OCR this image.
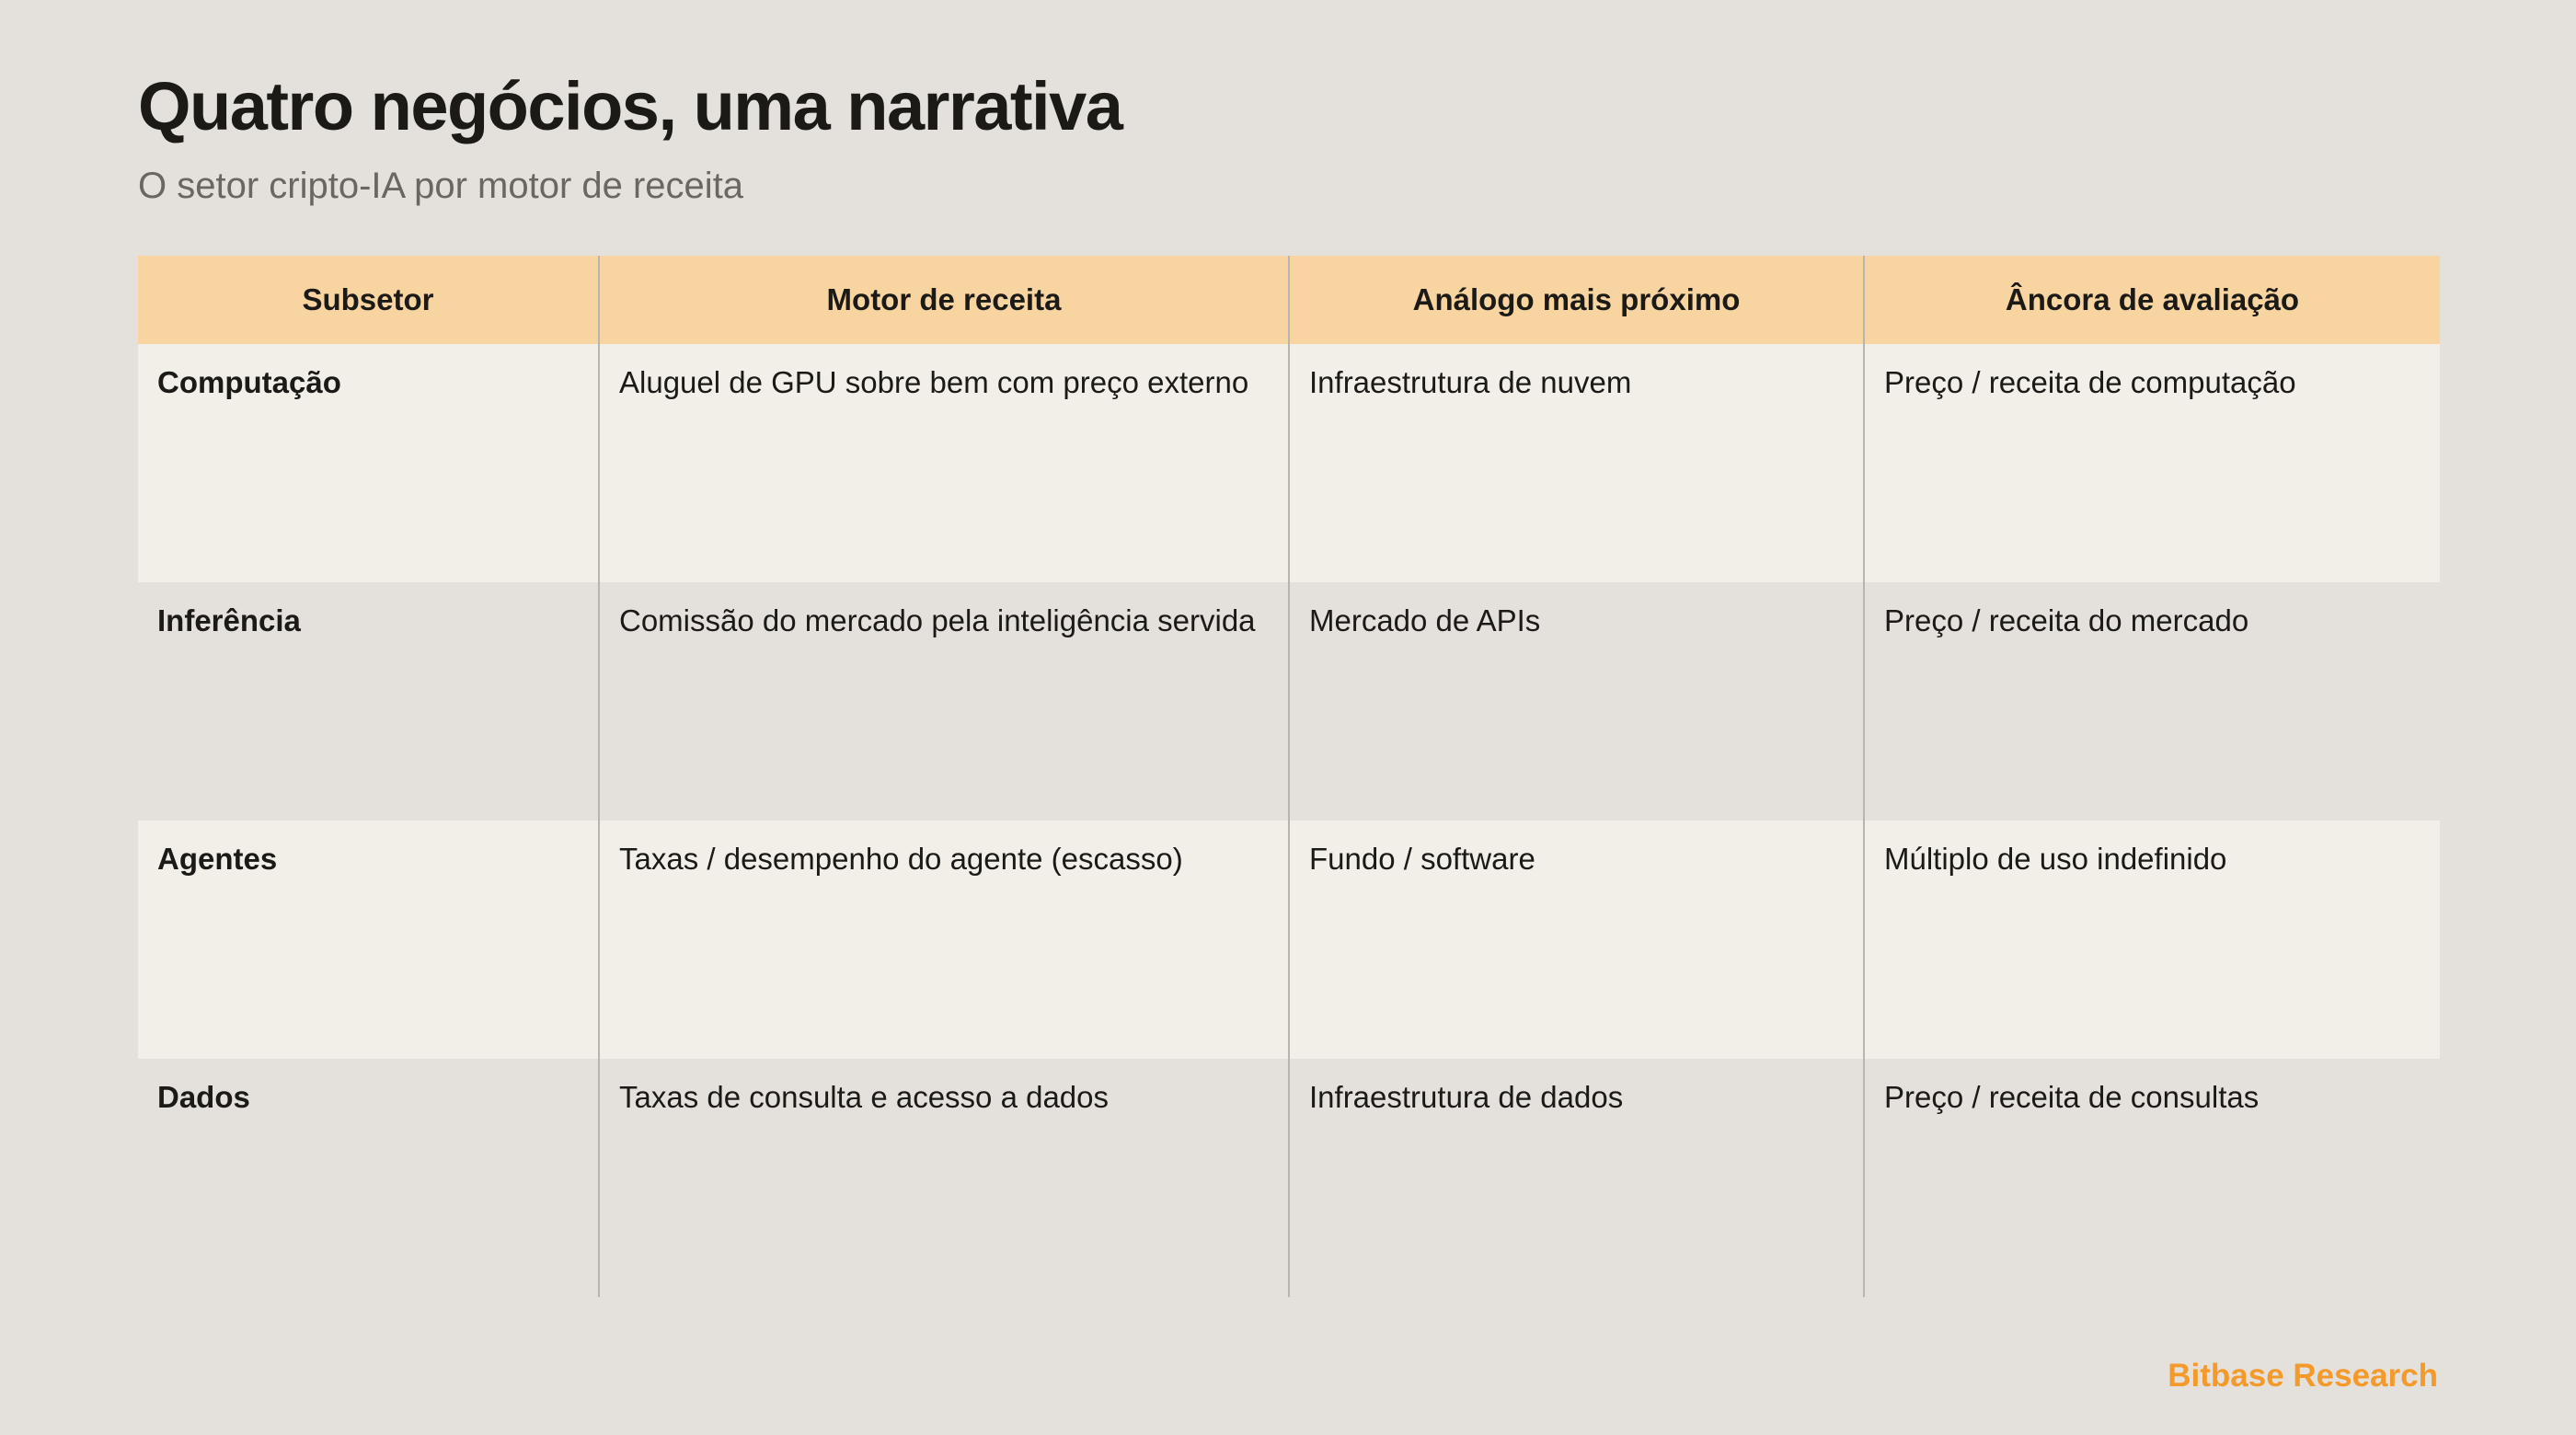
Quatro negócios, uma narrativa

O setor cripto-IA por motor de receita

Subsetor	Motor de receita	Análogo mais próximo	Âncora de avaliação
Computação	Aluguel de GPU sobre bem com preço externo	Infraestrutura de nuvem	Preço / receita de computação
Inferência	Comissão do mercado pela inteligência servida	Mercado de APIs	Preço / receita do mercado
Agentes	Taxas / desempenho do agente (escasso)	Fundo / software	Múltiplo de uso indefinido
Dados	Taxas de consulta e acesso a dados	Infraestrutura de dados	Preço / receita de consultas

Bitbase Research
